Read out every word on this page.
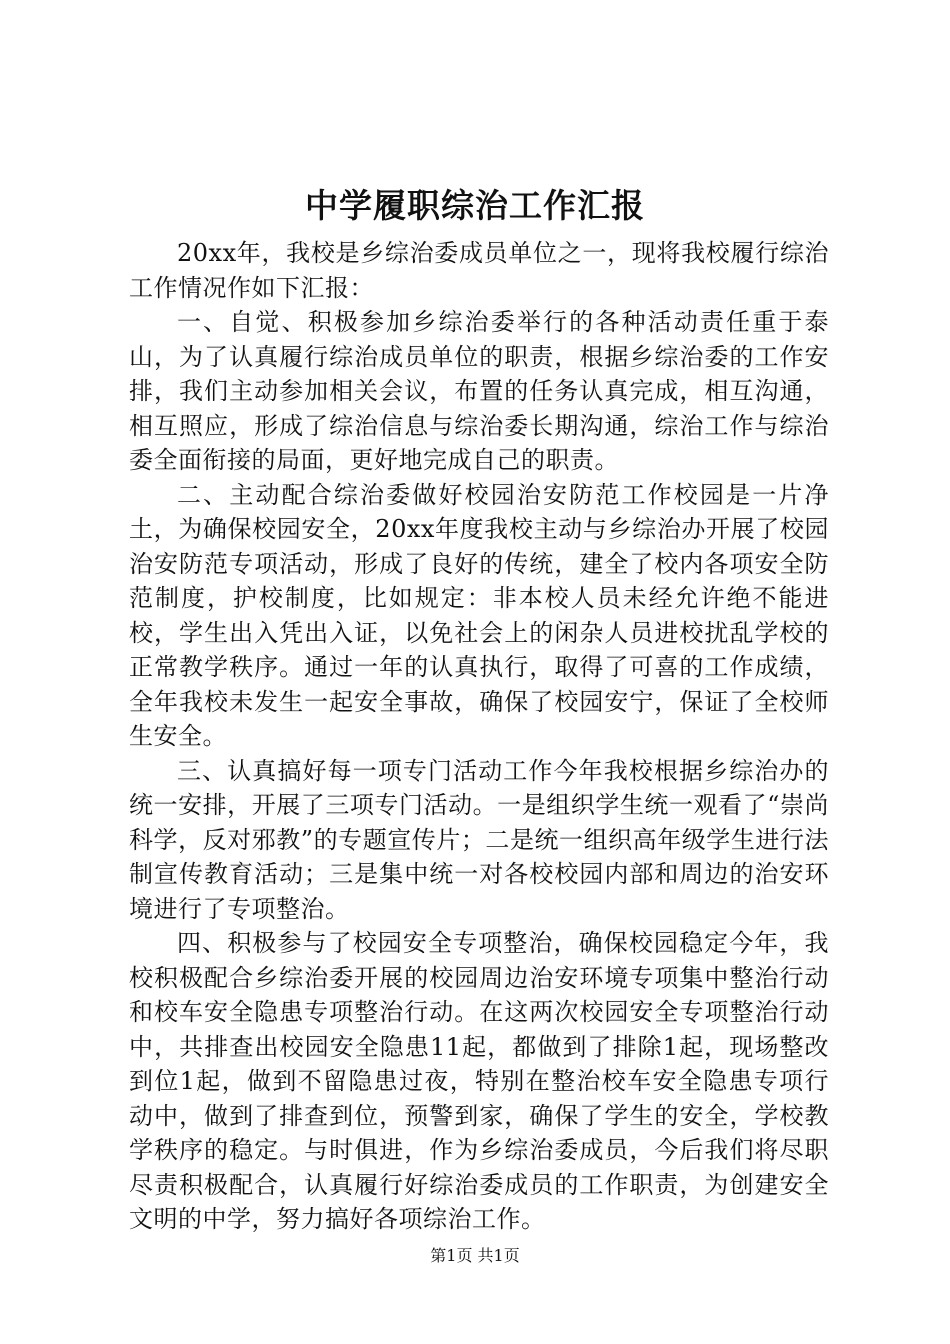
中学履职综治工作汇报

20xx年，我校是乡综治委成员单位之一，现将我校履行综治工作情况作如下汇报：

一、自觉、积极参加乡综治委举行的各种活动责任重于泰山，为了认真履行综治成员单位的职责，根据乡综治委的工作安排，我们主动参加相关会议，布置的任务认真完成，相互沟通，相互照应，形成了综治信息与综治委长期沟通，综治工作与综治委全面衔接的局面，更好地完成自己的职责。

二、主动配合综治委做好校园治安防范工作校园是一片净土，为确保校园安全，20xx年度我校主动与乡综治办开展了校园治安防范专项活动，形成了良好的传统，建全了校内各项安全防范制度，护校制度，比如规定：非本校人员未经允许绝不能进校，学生出入凭出入证，以免社会上的闲杂人员进校扰乱学校的正常教学秩序。通过一年的认真执行，取得了可喜的工作成绩，全年我校未发生一起安全事故，确保了校园安宁，保证了全校师生安全。

三、认真搞好每一项专门活动工作今年我校根据乡综治办的统一安排，开展了三项专门活动。一是组织学生统一观看了“崇尚科学，反对邪教”的专题宣传片；二是统一组织高年级学生进行法制宣传教育活动；三是集中统一对各校校园内部和周边的治安环境进行了专项整治。

四、积极参与了校园安全专项整治，确保校园稳定今年，我校积极配合乡综治委开展的校园周边治安环境专项集中整治行动和校车安全隐患专项整治行动。在这两次校园安全专项整治行动中，共排查出校园安全隐患11起，都做到了排除1起，现场整改到位1起，做到不留隐患过夜，特别在整治校车安全隐患专项行动中，做到了排查到位，预警到家，确保了学生的安全，学校教学秩序的稳定。与时俱进，作为乡综治委成员，今后我们将尽职尽责积极配合，认真履行好综治委成员的工作职责，为创建安全文明的中学，努力搞好各项综治工作。

第1页 共1页
